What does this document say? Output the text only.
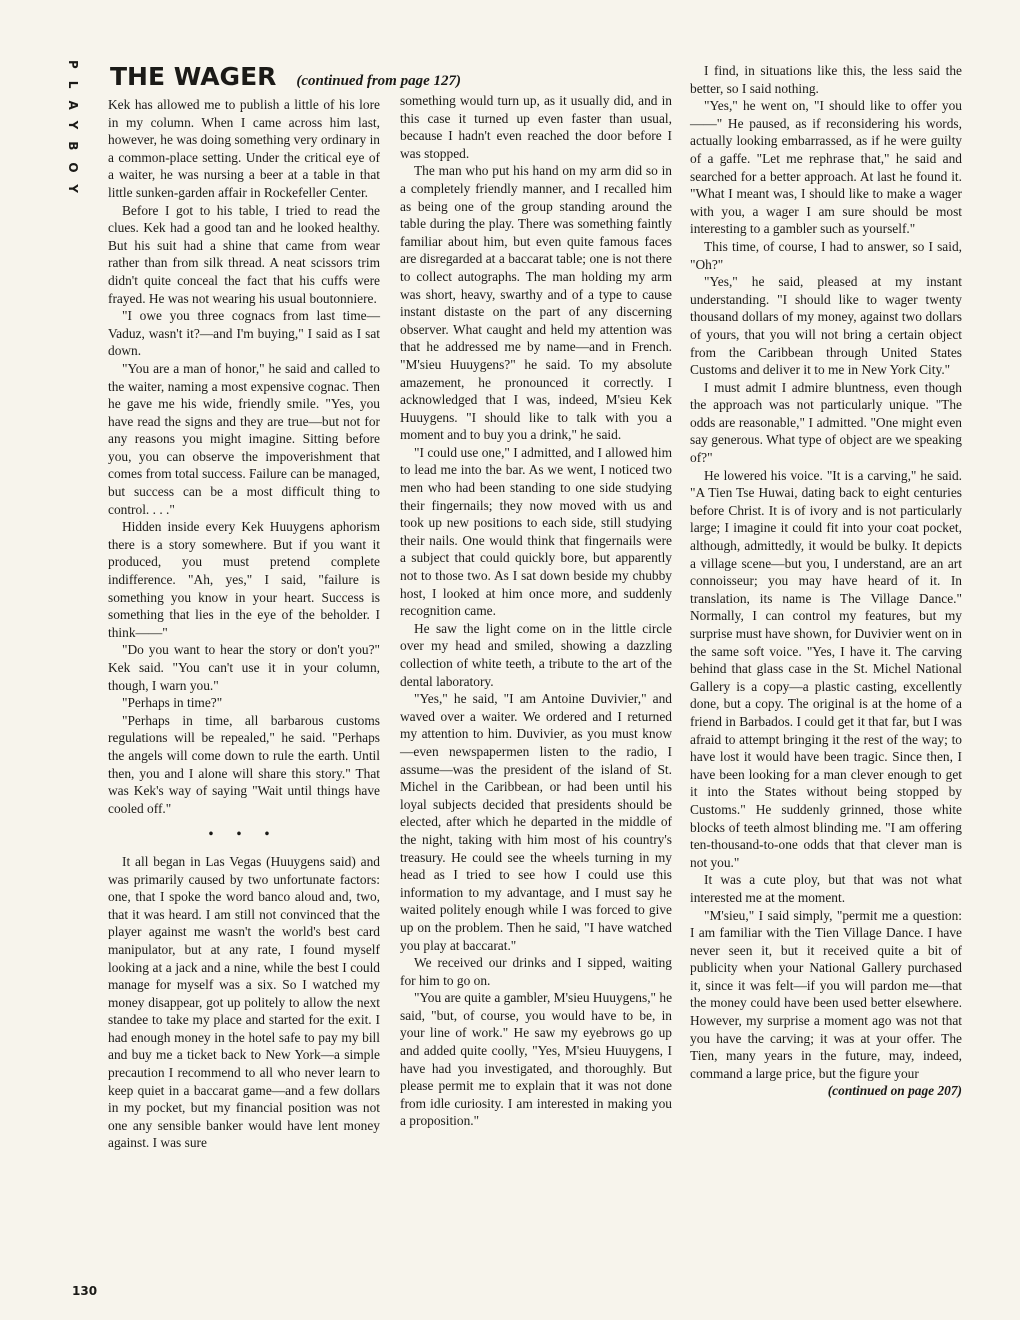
PLAYBOY THE WAGER (continued from page 127)

Kek has allowed me to publish a little of his lore in my column. When I came across him last, however, he was doing something very ordinary in a common-place setting. Under the critical eye of a waiter, he was nursing a beer at a table in that little sunken-garden affair in Rockefeller Center.

Before I got to his table, I tried to read the clues. Kek had a good tan and he looked healthy. But his suit had a shine that came from wear rather than from silk thread. A neat scissors trim didn't quite conceal the fact that his cuffs were frayed. He was not wearing his usual boutonniere.

"I owe you three cognacs from last time—Vaduz, wasn't it?—and I'm buying," I said as I sat down.

"You are a man of honor," he said and called to the waiter, naming a most expensive cognac. Then he gave me his wide, friendly smile. "Yes, you have read the signs and they are true—but not for any reasons you might imagine. Sitting before you, you can observe the impoverishment that comes from total success. Failure can be managed, but success can be a most difficult thing to control. . . ."

Hidden inside every Kek Huuygens aphorism there is a story somewhere. But if you want it produced, you must pretend complete indifference. "Ah, yes," I said, "failure is something you know in your heart. Success is something that lies in the eye of the beholder. I think——"

"Do you want to hear the story or don't you?" Kek said. "You can't use it in your column, though, I warn you."

"Perhaps in time?"

"Perhaps in time, all barbarous customs regulations will be repealed," he said. "Perhaps the angels will come down to rule the earth. Until then, you and I alone will share this story." That was Kek's way of saying "Wait until things have cooled off."

• • •

It all began in Las Vegas (Huuygens said) and was primarily caused by two unfortunate factors: one, that I spoke the word banco aloud and, two, that it was heard. I am still not convinced that the player against me wasn't the world's best card manipulator, but at any rate, I found myself looking at a jack and a nine, while the best I could manage for myself was a six. So I watched my money disappear, got up politely to allow the next standee to take my place and started for the exit. I had enough money in the hotel safe to pay my bill and buy me a ticket back to New York—a simple precaution I recommend to all who never learn to keep quiet in a baccarat game—and a few dollars in my pocket, but my financial position was not one any sensible banker would have lent money against. I was sure

something would turn up, as it usually did, and in this case it turned up even faster than usual, because I hadn't even reached the door before I was stopped.

The man who put his hand on my arm did so in a completely friendly manner, and I recalled him as being one of the group standing around the table during the play. There was something faintly familiar about him, but even quite famous faces are disregarded at a baccarat table; one is not there to collect autographs. The man holding my arm was short, heavy, swarthy and of a type to cause instant distaste on the part of any discerning observer. What caught and held my attention was that he addressed me by name—and in French. "M'sieu Huuygens?" he said. To my absolute amazement, he pronounced it correctly. I acknowledged that I was, indeed, M'sieu Kek Huuygens. "I should like to talk with you a moment and to buy you a drink," he said.

"I could use one," I admitted, and I allowed him to lead me into the bar. As we went, I noticed two men who had been standing to one side studying their fingernails; they now moved with us and took up new positions to each side, still studying their nails. One would think that fingernails were a subject that could quickly bore, but apparently not to those two. As I sat down beside my chubby host, I looked at him once more, and suddenly recognition came.

He saw the light come on in the little circle over my head and smiled, showing a dazzling collection of white teeth, a tribute to the art of the dental laboratory.

"Yes," he said, "I am Antoine Duvivier," and waved over a waiter. We ordered and I returned my attention to him. Duvivier, as you must know—even newspapermen listen to the radio, I assume—was the president of the island of St. Michel in the Caribbean, or had been until his loyal subjects decided that presidents should be elected, after which he departed in the middle of the night, taking with him most of his country's treasury. He could see the wheels turning in my head as I tried to see how I could use this information to my advantage, and I must say he waited politely enough while I was forced to give up on the problem. Then he said, "I have watched you play at baccarat."

We received our drinks and I sipped, waiting for him to go on.

"You are quite a gambler, M'sieu Huuygens," he said, "but, of course, you would have to be, in your line of work." He saw my eyebrows go up and added quite coolly, "Yes, M'sieu Huuygens, I have had you investigated, and thoroughly. But please permit me to explain that it was not done from idle curiosity. I am interested in making you a proposition."

I find, in situations like this, the less said the better, so I said nothing.

"Yes," he went on, "I should like to offer you——" He paused, as if reconsidering his words, actually looking embarrassed, as if he were guilty of a gaffe. "Let me rephrase that," he said and searched for a better approach. At last he found it. "What I meant was, I should like to make a wager with you, a wager I am sure should be most interesting to a gambler such as yourself."

This time, of course, I had to answer, so I said, "Oh?"

"Yes," he said, pleased at my instant understanding. "I should like to wager twenty thousand dollars of my money, against two dollars of yours, that you will not bring a certain object from the Caribbean through United States Customs and deliver it to me in New York City."

I must admit I admire bluntness, even though the approach was not particularly unique. "The odds are reasonable," I admitted. "One might even say generous. What type of object are we speaking of?"

He lowered his voice. "It is a carving," he said. "A Tien Tse Huwai, dating back to eight centuries before Christ. It is of ivory and is not particularly large; I imagine it could fit into your coat pocket, although, admittedly, it would be bulky. It depicts a village scene—but you, I understand, are an art connoisseur; you may have heard of it. In translation, its name is The Village Dance." Normally, I can control my features, but my surprise must have shown, for Duvivier went on in the same soft voice. "Yes, I have it. The carving behind that glass case in the St. Michel National Gallery is a copy—a plastic casting, excellently done, but a copy. The original is at the home of a friend in Barbados. I could get it that far, but I was afraid to attempt bringing it the rest of the way; to have lost it would have been tragic. Since then, I have been looking for a man clever enough to get it into the States without being stopped by Customs." He suddenly grinned, those white blocks of teeth almost blinding me. "I am offering ten-thousand-to-one odds that that clever man is not you."

It was a cute ploy, but that was not what interested me at the moment.

"M'sieu," I said simply, "permit me a question: I am familiar with the Tien Village Dance. I have never seen it, but it received quite a bit of publicity when your National Gallery purchased it, since it was felt—if you will pardon me—that the money could have been used better elsewhere. However, my surprise a moment ago was not that you have the carving; it was at your offer. The Tien, many years in the future, may, indeed, command a large price, but the figure your

(continued on page 207)
130
